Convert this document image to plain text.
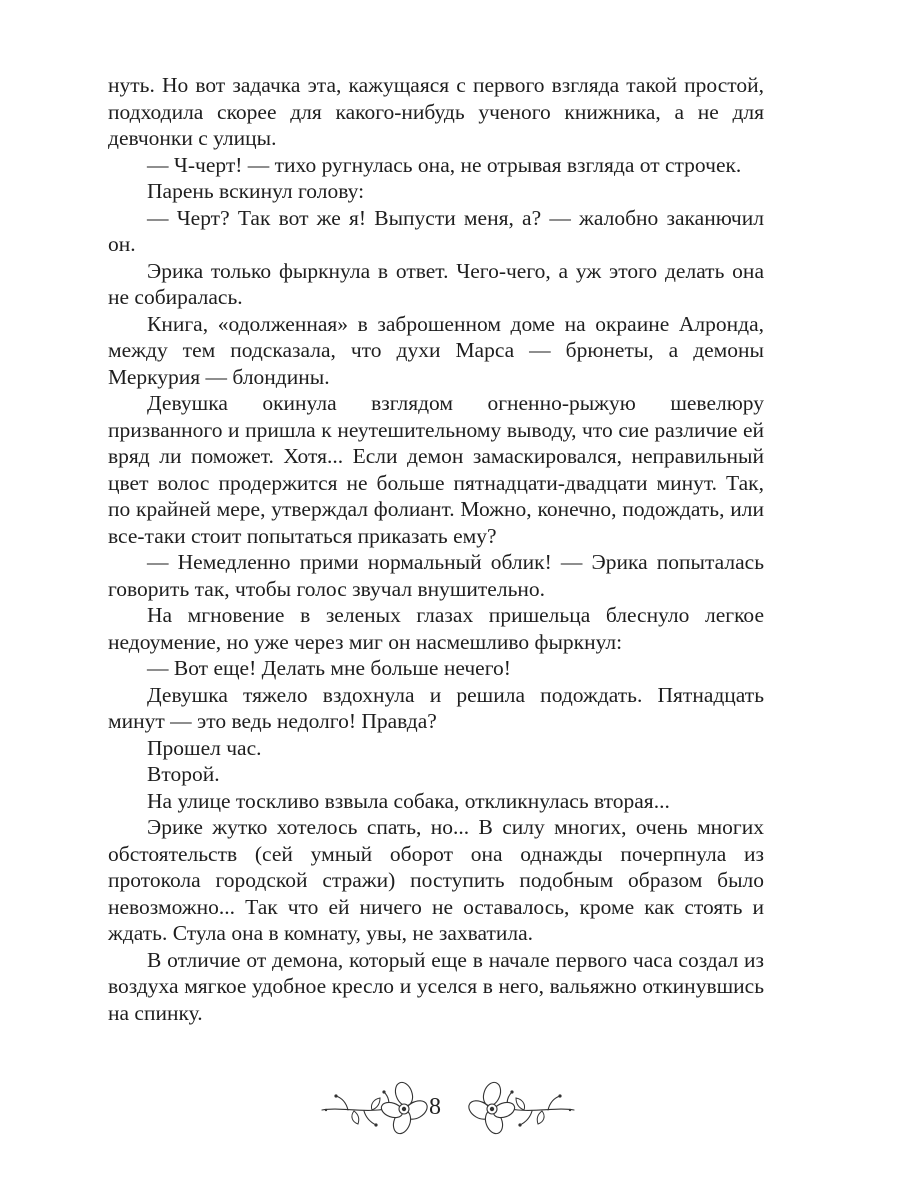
нуть. Но вот задачка эта, кажущаяся с первого взгляда такой простой, подходила скорее для какого-нибудь ученого книжника, а не для девчонки с улицы.

— Ч-черт! — тихо ругнулась она, не отрывая взгляда от строчек.

Парень вскинул голову:

— Черт? Так вот же я! Выпусти меня, а? — жалобно заканючил он.

Эрика только фыркнула в ответ. Чего-чего, а уж этого делать она не собиралась.

Книга, «одолженная» в заброшенном доме на окраине Алронда, между тем подсказала, что духи Марса — брюнеты, а демоны Меркурия — блондины.

Девушка окинула взглядом огненно-рыжую шевелюру призванного и пришла к неутешительному выводу, что сие различие ей вряд ли поможет. Хотя... Если демон замаскировался, неправильный цвет волос продержится не больше пятнадцати-двадцати минут. Так, по крайней мере, утверждал фолиант. Можно, конечно, подождать, или все-таки стоит попытаться приказать ему?

— Немедленно прими нормальный облик! — Эрика попыталась говорить так, чтобы голос звучал внушительно.

На мгновение в зеленых глазах пришельца блеснуло легкое недоумение, но уже через миг он насмешливо фыркнул:

— Вот еще! Делать мне больше нечего!

Девушка тяжело вздохнула и решила подождать. Пятнадцать минут — это ведь недолго! Правда?

Прошел час.

Второй.

На улице тоскливо взвыла собака, откликнулась вторая...

Эрике жутко хотелось спать, но... В силу многих, очень многих обстоятельств (сей умный оборот она однажды почерпнула из протокола городской стражи) поступить подобным образом было невозможно... Так что ей ничего не оставалось, кроме как стоять и ждать. Стула она в комнату, увы, не захватила.

В отличие от демона, который еще в начале первого часа создал из воздуха мягкое удобное кресло и уселся в него, вальяжно откинувшись на спинку.

8
